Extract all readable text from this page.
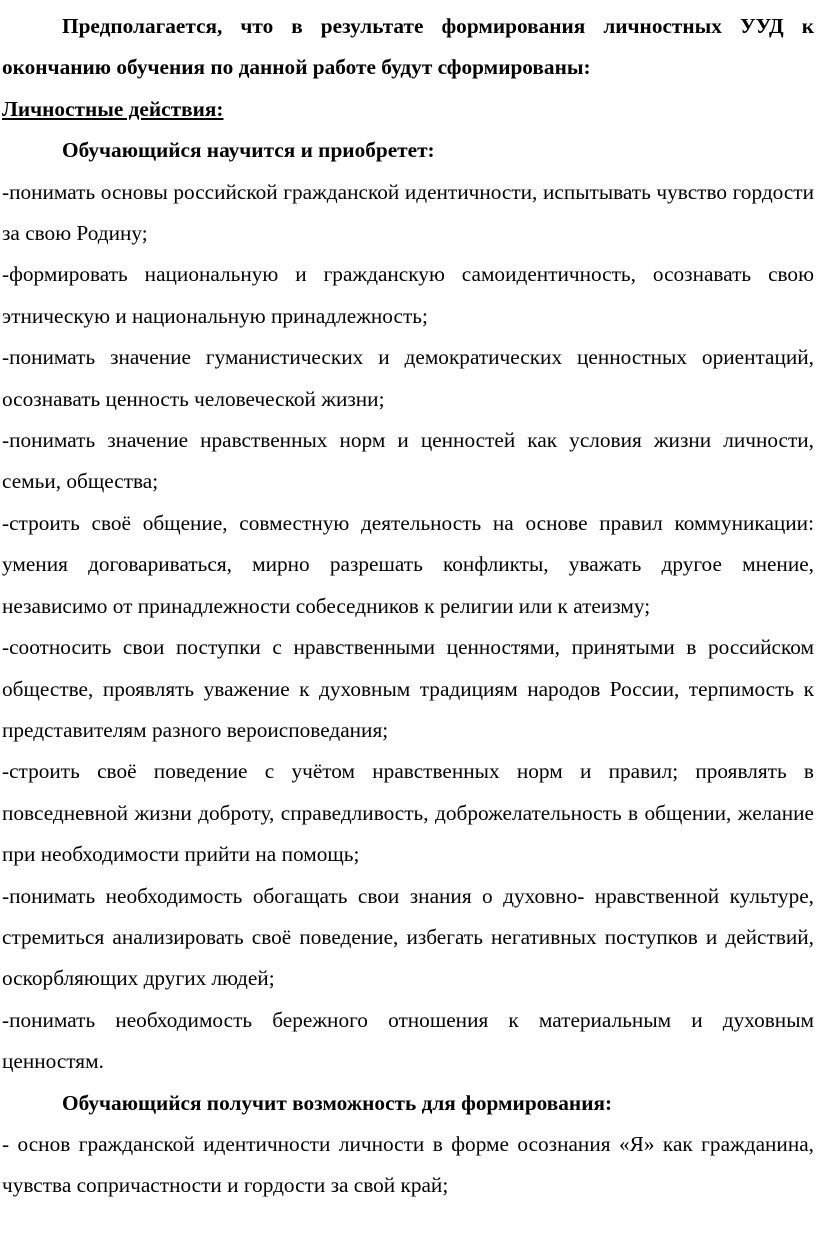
Предполагается, что в результате формирования личностных УУД к окончанию обучения по данной работе будут сформированы:

Личностные действия:

Обучающийся научится и приобретет:

-понимать основы российской гражданской идентичности, испытывать чувство гордости за свою Родину;

-формировать национальную и гражданскую самоидентичность, осознавать свою этническую и национальную принадлежность;

-понимать значение гуманистических и демократических ценностных ориентаций, осознавать ценность человеческой жизни;

-понимать значение нравственных норм и ценностей как условия жизни личности, семьи, общества;

-строить своё общение, совместную деятельность на основе правил коммуникации: умения договариваться, мирно разрешать конфликты, уважать другое мнение, независимо от принадлежности собеседников к религии или к атеизму;

-соотносить свои поступки с нравственными ценностями, принятыми в российском обществе, проявлять уважение к духовным традициям народов России, терпимость к представителям разного вероисповедания;

-строить своё поведение с учётом нравственных норм и правил; проявлять в повседневной жизни доброту, справедливость, доброжелательность в общении, желание при необходимости прийти на помощь;

-понимать необходимость обогащать свои знания о духовно- нравственной культуре, стремиться анализировать своё поведение, избегать негативных поступков и действий, оскорбляющих других людей;

-понимать необходимость бережного отношения к материальным и духовным ценностям.

Обучающийся получит возможность для формирования:

- основ гражданской идентичности личности в форме осознания «Я» как гражданина, чувства сопричастности и гордости за свой край;
